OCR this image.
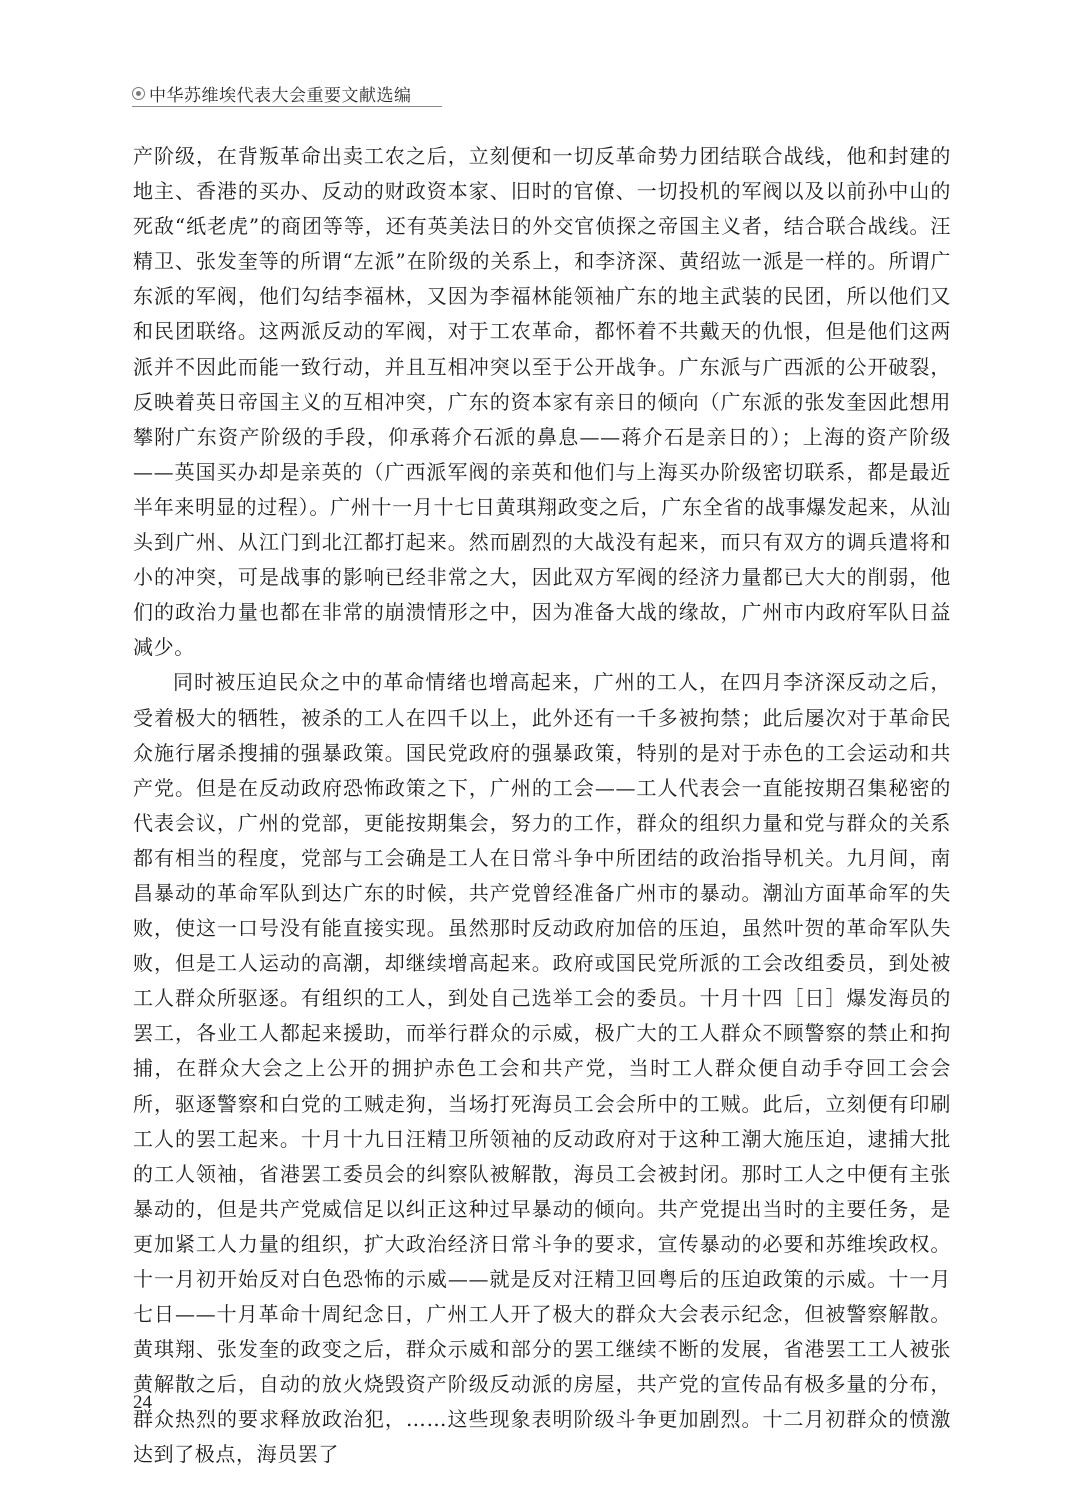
中华苏维埃代表大会重要文献选编

产阶级，在背叛革命出卖工农之后，立刻便和一切反革命势力团结联合战线，他和封建的地主、香港的买办、反动的财政资本家、旧时的官僚、一切投机的军阀以及以前孙中山的死敌“纸老虎”的商团等等，还有英美法日的外交官侦探之帝国主义者，结合联合战线。汪精卫、张发奎等的所谓“左派”在阶级的关系上，和李济深、黄绍竑一派是一样的。所谓广东派的军阀，他们勾结李福林，又因为李福林能领袖广东的地主武装的民团，所以他们又和民团联络。这两派反动的军阀，对于工农革命，都怀着不共戴天的仇恨，但是他们这两派并不因此而能一致行动，并且互相冲突以至于公开战争。广东派与广西派的公开破裂，反映着英日帝国主义的互相冲突，广东的资本家有亲日的倾向（广东派的张发奎因此想用攀附广东资产阶级的手段，仰承蒋介石派的鼻息——蒋介石是亲日的）；上海的资产阶级——英国买办却是亲英的（广西派军阀的亲英和他们与上海买办阶级密切联系，都是最近半年来明显的过程）。广州十一月十七日黄琪翔政变之后，广东全省的战事爆发起来，从汕头到广州、从江门到北江都打起来。然而剧烈的大战没有起来，而只有双方的调兵遣将和小的冲突，可是战事的影响已经非常之大，因此双方军阀的经济力量都已大大的削弱，他们的政治力量也都在非常的崩溃情形之中，因为准备大战的缘故，广州市内政府军队日益减少。

同时被压迫民众之中的革命情绪也增高起来，广州的工人，在四月李济深反动之后，受着极大的牺牲，被杀的工人在四千以上，此外还有一千多被拘禁；此后屡次对于革命民众施行屠杀搜捕的强暴政策。国民党政府的强暴政策，特别的是对于赤色的工会运动和共产党。但是在反动政府恐怖政策之下，广州的工会——工人代表会一直能按期召集秘密的代表会议，广州的党部，更能按期集会，努力的工作，群众的组织力量和党与群众的关系都有相当的程度，党部与工会确是工人在日常斗争中所团结的政治指导机关。九月间，南昌暴动的革命军队到达广东的时候，共产党曾经准备广州市的暴动。潮汕方面革命军的失败，使这一口号没有能直接实现。虽然那时反动政府加倍的压迫，虽然叶贺的革命军队失败，但是工人运动的高潮，却继续增高起来。政府或国民党所派的工会改组委员，到处被工人群众所驱逐。有组织的工人，到处自己选举工会的委员。十月十四［日］爆发海员的罢工，各业工人都起来援助，而举行群众的示威，极广大的工人群众不顾警察的禁止和拘捕，在群众大会之上公开的拥护赤色工会和共产党，当时工人群众便自动手夺回工会会所，驱逐警察和白党的工贼走狗，当场打死海员工会会所中的工贼。此后，立刻便有印刷工人的罢工起来。十月十九日汪精卫所领袖的反动政府对于这种工潮大施压迫，逮捕大批的工人领袖，省港罢工委员会的纠察队被解散，海员工会被封闭。那时工人之中便有主张暴动的，但是共产党威信足以纠正这种过早暴动的倾向。共产党提出当时的主要任务，是更加紧工人力量的组织，扩大政治经济日常斗争的要求，宣传暴动的必要和苏维埃政权。十一月初开始反对白色恐怖的示威——就是反对汪精卫回粤后的压迫政策的示威。十一月七日——十月革命十周纪念日，广州工人开了极大的群众大会表示纪念，但被警察解散。黄琪翔、张发奎的政变之后，群众示威和部分的罢工继续不断的发展，省港罢工工人被张黄解散之后，自动的放火烧毁资产阶级反动派的房屋，共产党的宣传品有极多量的分布，群众热烈的要求释放政治犯，……这些现象表明阶级斗争更加剧烈。十二月初群众的愤激达到了极点，海员罢了

24
